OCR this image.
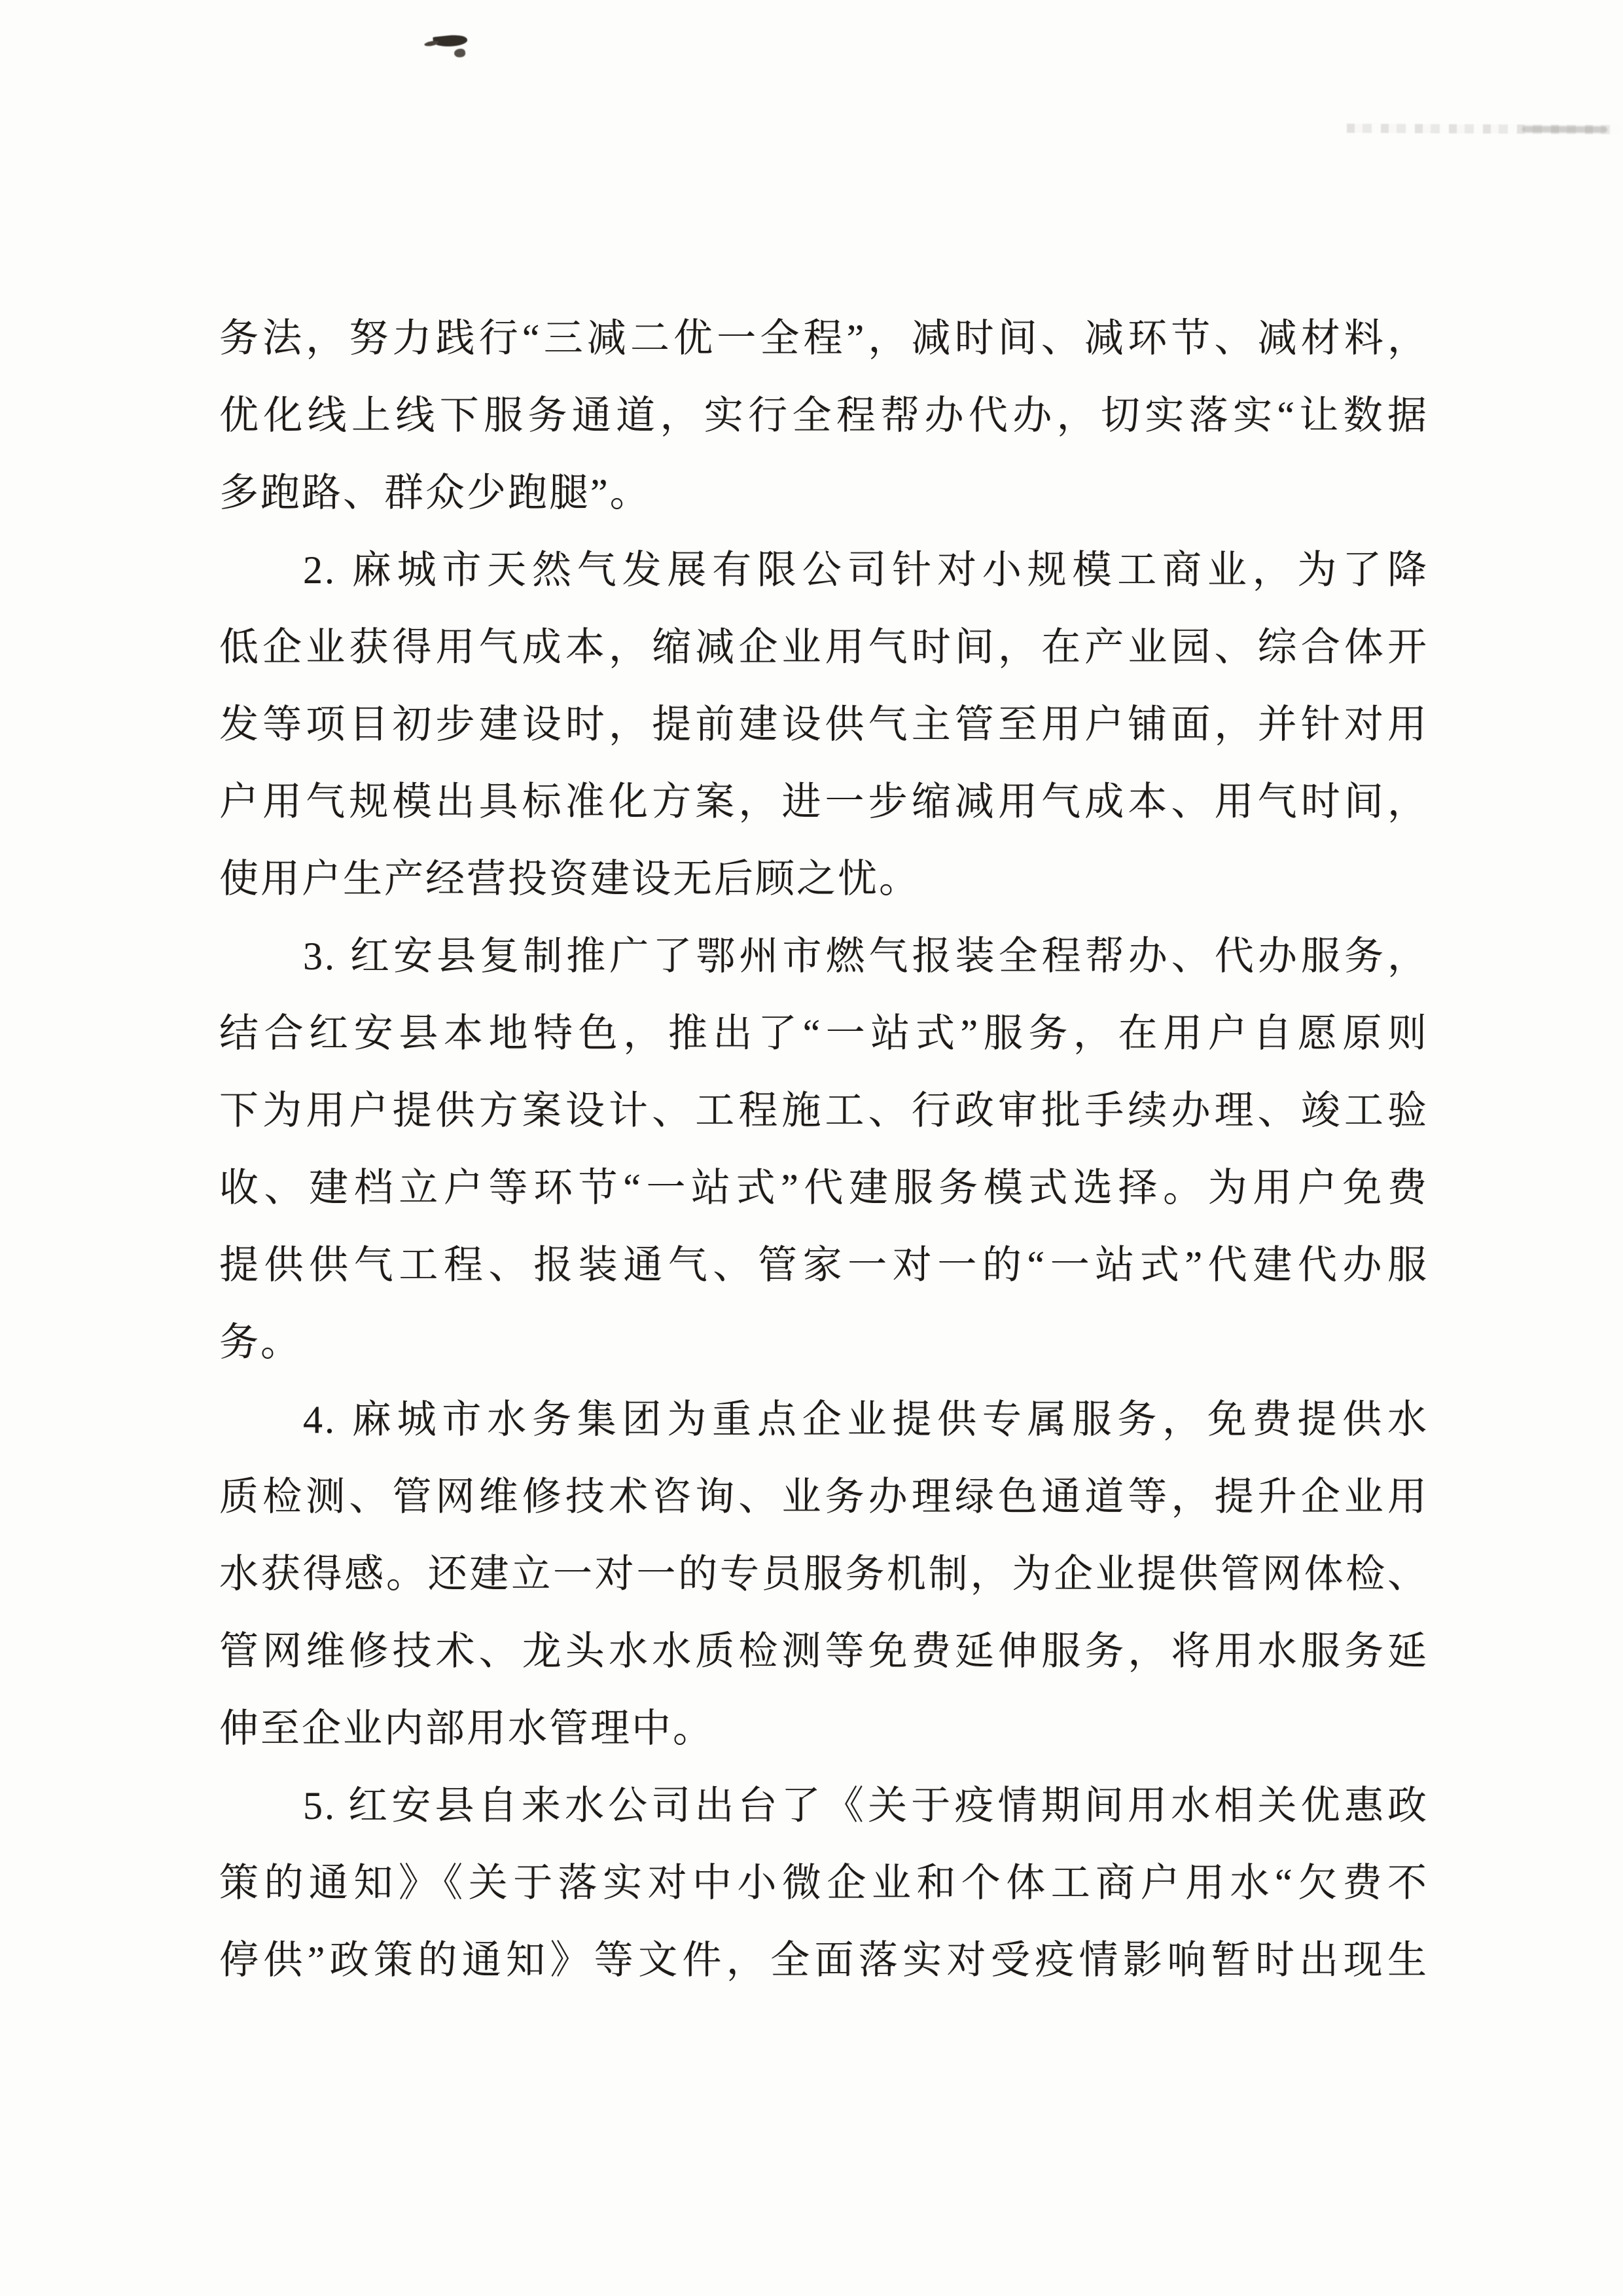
务法，努力践行“三减二优一全程”，减时间、减环节、减材料，

优化线上线下服务通道，实行全程帮办代办，切实落实“让数据

多跑路、群众少跑腿”。

2. 麻城市天然气发展有限公司针对小规模工商业，为了降

低企业获得用气成本，缩减企业用气时间，在产业园、综合体开

发等项目初步建设时，提前建设供气主管至用户铺面，并针对用

户用气规模出具标准化方案，进一步缩减用气成本、用气时间，

使用户生产经营投资建设无后顾之忧。

3. 红安县复制推广了鄂州市燃气报装全程帮办、代办服务，

结合红安县本地特色，推出了“一站式”服务，在用户自愿原则

下为用户提供方案设计、工程施工、行政审批手续办理、竣工验

收、建档立户等环节“一站式”代建服务模式选择。为用户免费

提供供气工程、报装通气、管家一对一的“一站式”代建代办服

务。

4. 麻城市水务集团为重点企业提供专属服务，免费提供水

质检测、管网维修技术咨询、业务办理绿色通道等，提升企业用

水获得感。还建立一对一的专员服务机制，为企业提供管网体检、

管网维修技术、龙头水水质检测等免费延伸服务，将用水服务延

伸至企业内部用水管理中。

5. 红安县自来水公司出台了《关于疫情期间用水相关优惠政

策的通知》《关于落实对中小微企业和个体工商户用水“欠费不

停供”政策的通知》等文件，全面落实对受疫情影响暂时出现生
